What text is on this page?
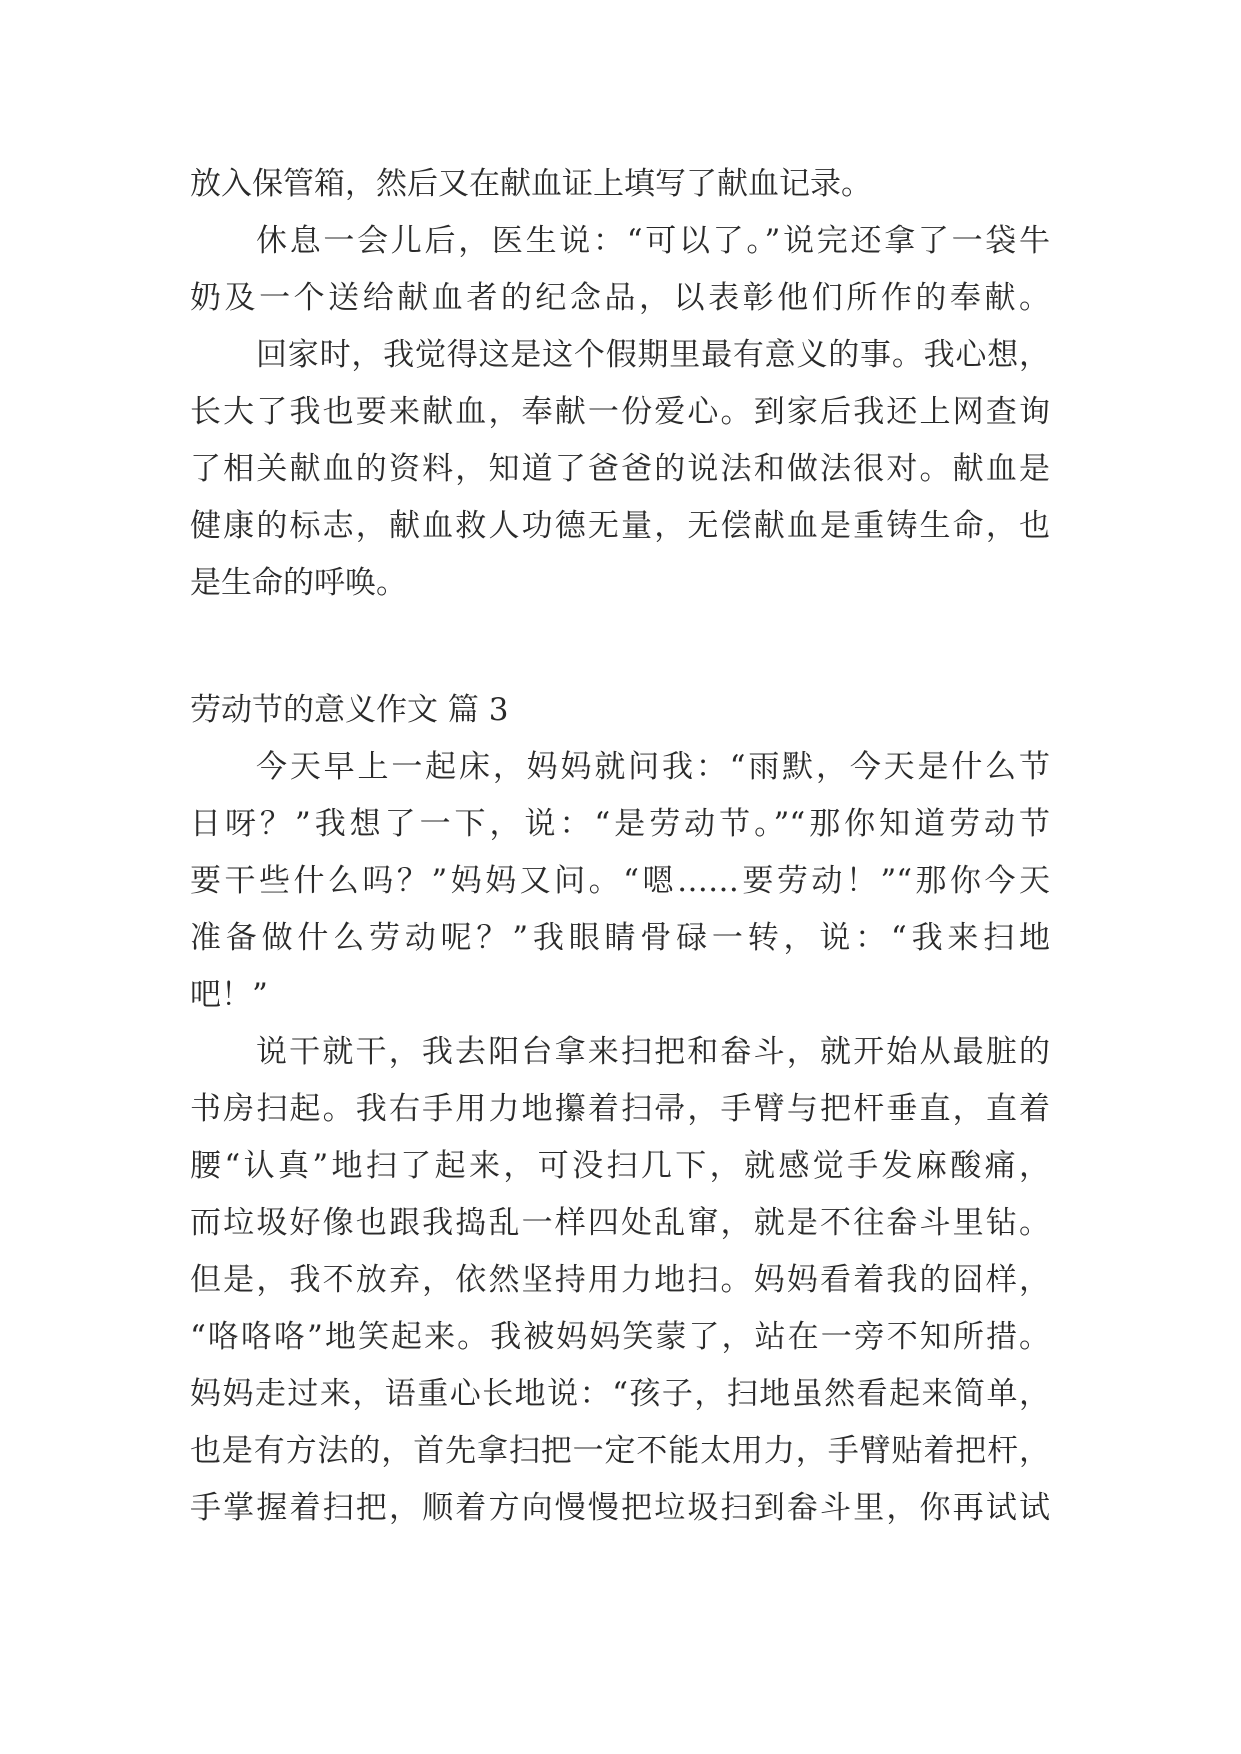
放入保管箱，然后又在献血证上填写了献血记录。
休息一会儿后，医生说：“可以了。”说完还拿了一袋牛
奶及一个送给献血者的纪念品，以表彰他们所作的奉献。
回家时，我觉得这是这个假期里最有意义的事。我心想，
长大了我也要来献血，奉献一份爱心。到家后我还上网查询
了相关献血的资料，知道了爸爸的说法和做法很对。献血是
健康的标志，献血救人功德无量，无偿献血是重铸生命，也
是生命的呼唤。
劳动节的意义作文 篇 3
今天早上一起床，妈妈就问我：“雨默，今天是什么节
日呀？”我想了一下，说：“是劳动节。”“那你知道劳动节
要干些什么吗？”妈妈又问。“嗯……要劳动！”“那你今天
准备做什么劳动呢？”我眼睛骨碌一转，说：“我来扫地
吧！”
说干就干，我去阳台拿来扫把和畚斗，就开始从最脏的
书房扫起。我右手用力地攥着扫帚，手臂与把杆垂直，直着
腰“认真”地扫了起来，可没扫几下，就感觉手发麻酸痛，
而垃圾好像也跟我捣乱一样四处乱窜，就是不往畚斗里钻。
但是，我不放弃，依然坚持用力地扫。妈妈看着我的囧样，
“咯咯咯”地笑起来。我被妈妈笑蒙了，站在一旁不知所措。
妈妈走过来，语重心长地说：“孩子，扫地虽然看起来简单，
也是有方法的，首先拿扫把一定不能太用力，手臂贴着把杆，
手掌握着扫把，顺着方向慢慢把垃圾扫到畚斗里，你再试试
